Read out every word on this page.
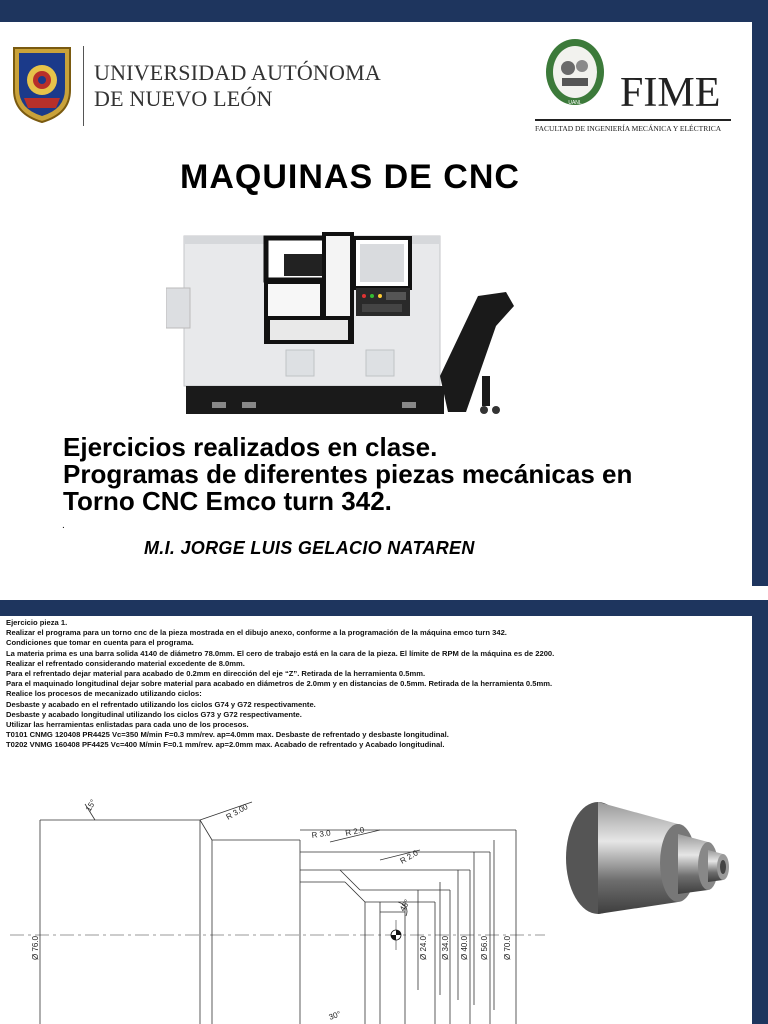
UNIVERSIDAD AUTÓNOMA
DE NUEVO LEÓN	UANL FIME
FACULTAD DE INGENIERÍA MECÁNICA Y ELÉCTRICA
MAQUINAS DE CNC
Ejercicios realizados en clase.
Programas de diferentes piezas mecánicas en
Torno CNC Emco turn 342.
.
M.I. JORGE LUIS GELACIO NATAREN
Ejercicio pieza 1.
Realizar el programa para un torno cnc de la pieza mostrada en el dibujo anexo, conforme a la programación de la máquina emco turn 342.
Condiciones que tomar en cuenta para el programa.
La materia prima es una barra solida 4140 de diámetro 78.0mm. El cero de trabajo está en la cara de la pieza. El límite de RPM de la máquina es de 2200.
Realizar el refrentado considerando material excedente de 8.0mm.
Para el refrentado dejar material para acabado de 0.2mm en dirección del eje “Z”. Retirada de la herramienta 0.5mm.
Para el maquinado longitudinal dejar sobre material para acabado en diámetros de 2.0mm y en distancias de 0.5mm. Retirada de la herramienta 0.5mm.
Realice los procesos de mecanizado utilizando ciclos:
Desbaste y acabado en el refrentado utilizando los ciclos G74 y G72 respectivamente.
Desbaste y acabado longitudinal utilizando los ciclos G73 y G72 respectivamente.
Utilizar las herramientas enlistadas para cada uno de los procesos.
T0101 CNMG 120408 PR4425 Vc=350 M/min F=0.3 mm/rev. ap=4.0mm max. Desbaste de refrentado y desbaste longitudinal.
T0202 VNMG 160408 PF4425 Vc=400 M/min F=0.1 mm/rev. ap=2.0mm max. Acabado de refrentado y Acabado longitudinal.
15°	R 3.00
R 3.0 R 2.0
R 2.0
45°
30°
Ø 76.0	Ø 24.0 Ø 34.0 Ø 40.0 Ø 56.0 Ø 70.0
